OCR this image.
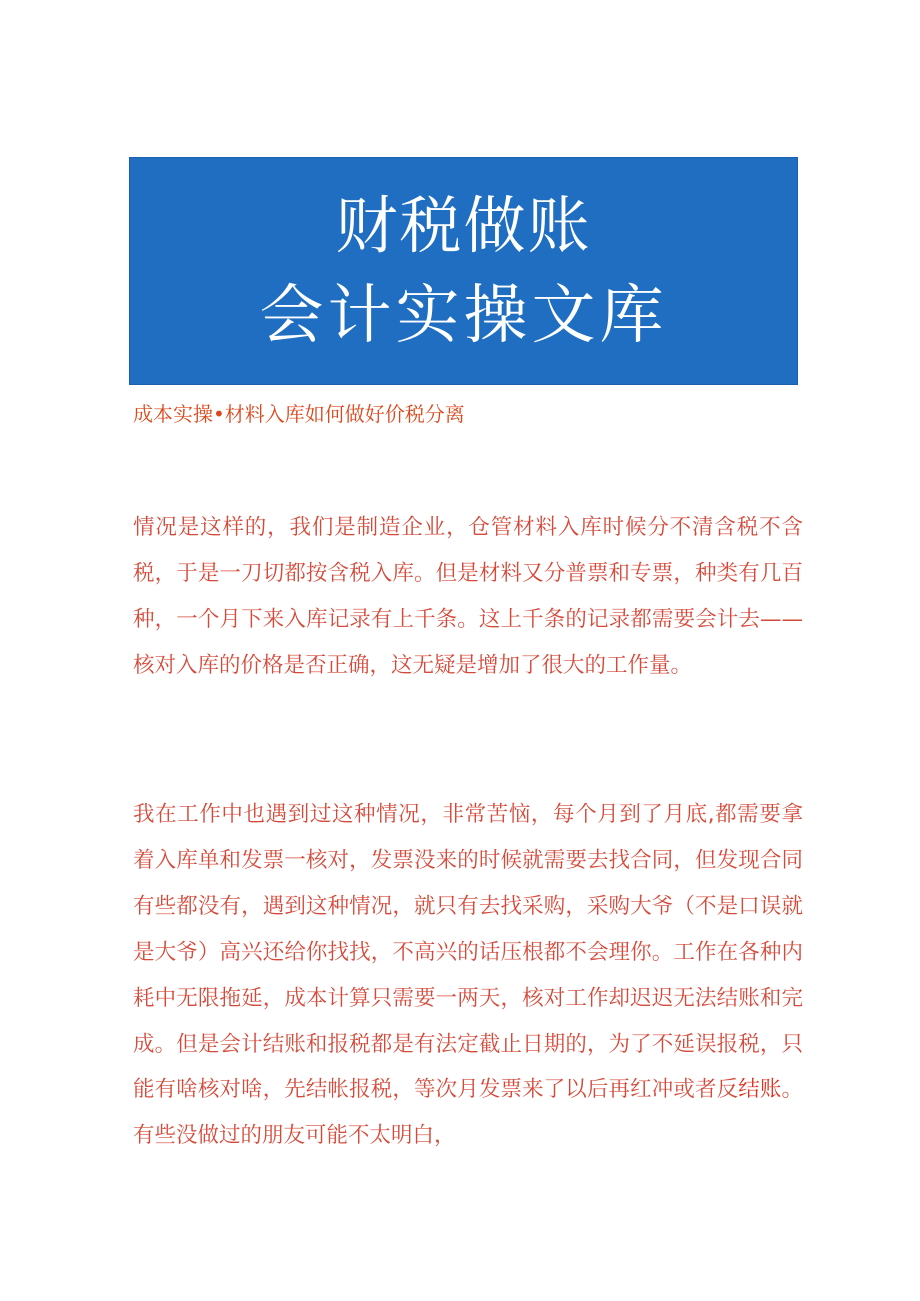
财税做账
会计实操文库
成本实操•材料入库如何做好价税分离

情况是这样的，我们是制造企业，仓管材料入库时候分不清含税不含税，于是一刀切都按含税入库。但是材料又分普票和专票，种类有几百种，一个月下来入库记录有上千条。这上千条的记录都需要会计去——核对入库的价格是否正确，这无疑是增加了很大的工作量。

我在工作中也遇到过这种情况，非常苦恼，每个月到了月底,都需要拿着入库单和发票一核对，发票没来的时候就需要去找合同，但发现合同有些都没有，遇到这种情况，就只有去找采购，采购大爷（不是口误就是大爷）高兴还给你找找，不高兴的话压根都不会理你。工作在各种内耗中无限拖延，成本计算只需要一两天，核对工作却迟迟无法结账和完成。但是会计结账和报税都是有法定截止日期的，为了不延误报税，只能有啥核对啥，先结帐报税，等次月发票来了以后再红冲或者反结账。有些没做过的朋友可能不太明白，
